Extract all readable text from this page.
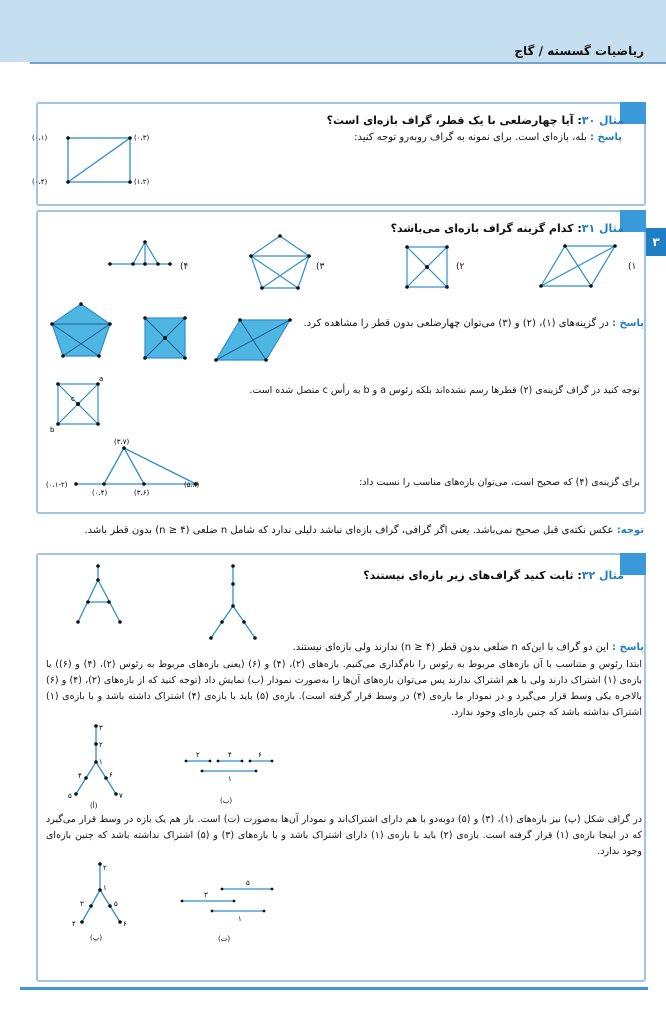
ریاضیات گسسته / گاج
۳
مثال ۳۰: آیا چهارضلعی با یک قطر، گراف بازه‌ای است؟
پاسخ : بله، بازه‌ای است. برای نمونه به گراف روبه‌رو توجه کنید:
(۰،۱)	(۰،۳)
(۰،۴)	(۱،۲)
مثال ۳۱: کدام گزینه گراف بازه‌ای می‌باشد؟
(۱
(۲
(۳
(۴
پاسخ : در گزینه‌های (۱)، (۲) و (۳) می‌توان چهارضلعی بدون قطر را مشاهده کرد.
a
b
c
توجه کنید در گراف گزینه‌ی (۲) قطرها رسم نشده‌اند بلکه رئوس a و b به رأس c متصل شده است.
(۰،۱-۲)
(۰،۴)
(۳،۷)
(۳،۶)
(۵،۸)	برای گزینه‌ی (۴) که صحیح است، می‌توان بازه‌های مناسب را نسبت داد:
توجه: عکس نکته‌ی قبل صحیح نمی‌باشد. یعنی اگر گرافی، گراف بازه‌ای نباشد دلیلی ندارد که شامل n ضلعی (n ≥ ۴) بدون قطر باشد.
مثال ۳۲: ثابت کنید گراف‌های زیر بازه‌ای نیستند؟
پاسخ : این دو گراف با این‌که n ضلعی بدون قطر (n ≥ ۴) ندارند ولی بازه‌ای نیستند.
ابتدا رئوس و متناسب با آن بازه‌های مربوط به رئوس را نام‌گذاری می‌کنیم. بازه‌های (۲)، (۴) و (۶) (یعنی بازه‌های مربوط به رئوس (۲)، (۴) و (۶)) با بازه‌ی (۱) اشتراک دارند ولی با هم اشتراک ندارند پس می‌توان بازه‌های آن‌ها را به‌صورت نمودار (ب) نمایش داد (توجه کنید که از بازه‌های (۲)، (۴) و (۶) بالاخره یکی وسط قرار می‌گیرد و در نمودار ما بازه‌ی (۴) در وسط قرار گرفته است). بازه‌ی (۵) باید با بازه‌ی (۴) اشتراک داشته باشد و با بازه‌ی (۱) اشتراک نداشته باشد که چنین بازه‌ای وجود ندارد.
۳
۲
۱
۴	۶
۵	۷
(أ)
۲	۴	۶
۱
(ب)
در گراف شکل (پ) نیز بازه‌های (۱)، (۳) و (۵) دوبه‌دو با هم دارای اشتراک‌اند و نمودار آن‌ها به‌صورت (ت) است. باز هم یک بازه در وسط قرار می‌گیرد که در اینجا بازه‌ی (۱) قرار گرفته است. بازه‌ی (۲) باید با بازه‌ی (۱) دارای اشتراک باشد و با بازه‌های (۳) و (۵) اشتراک نداشته باشد که چنین بازه‌ای وجود ندارد.
۲
۱
۳	۵
۴	۶
(پ)
۵
۳
۱
(ت)
